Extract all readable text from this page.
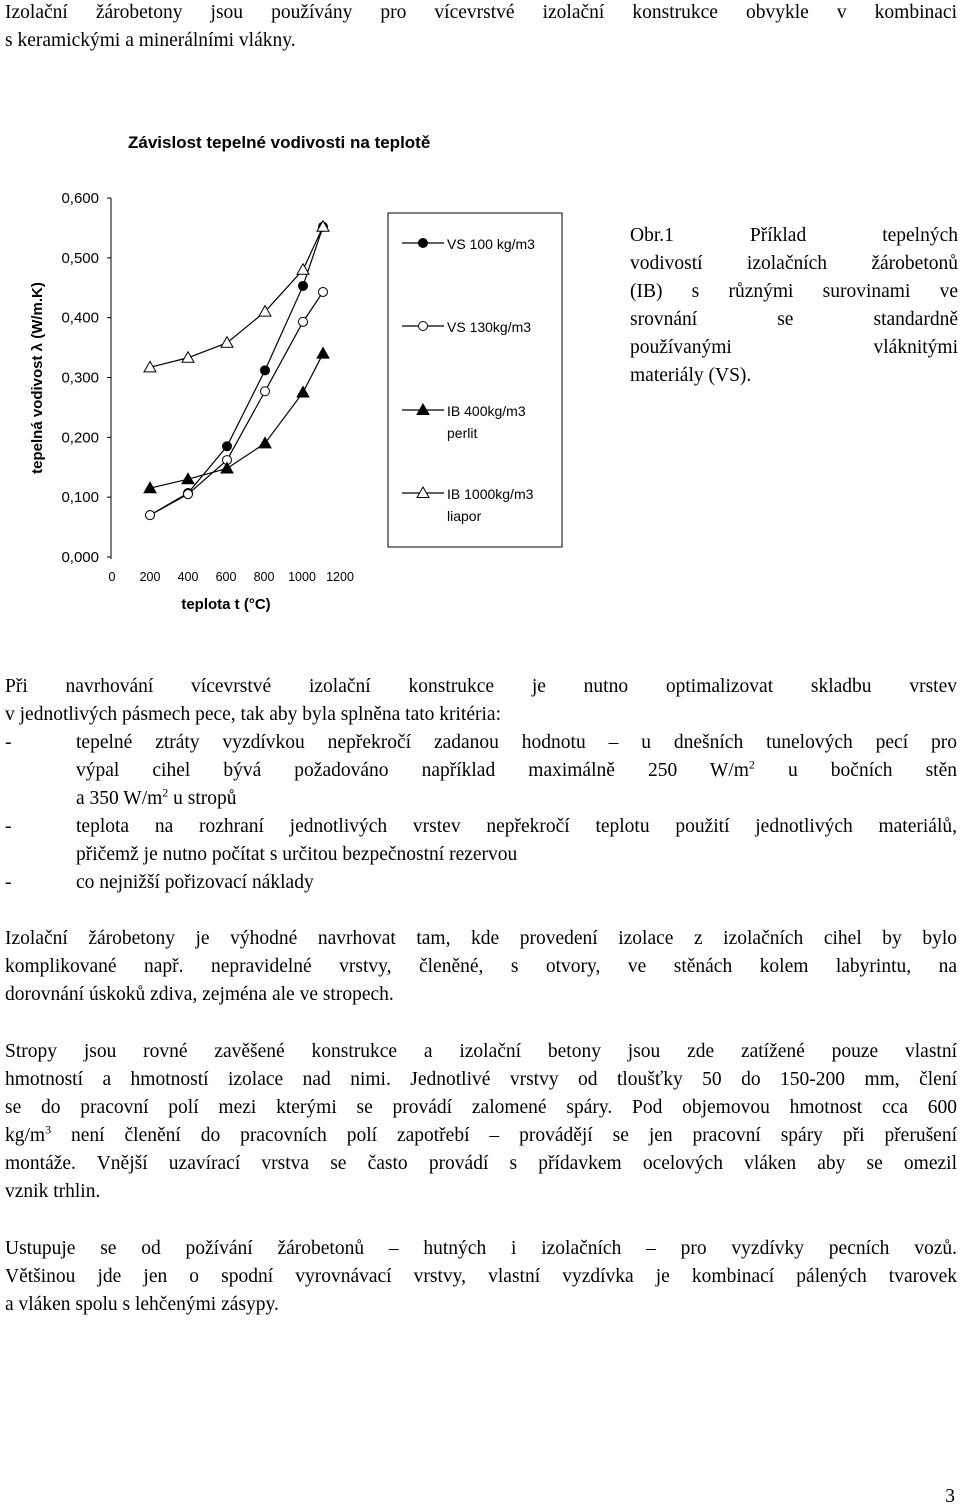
Izolační žárobetony jsou používány pro vícevrstvé izolační konstrukce obvykle v kombinaci
s keramickými a minerálními vlákny.
Závislost tepelné vodivosti na teplotě
0,000
0,100
0,200
0,300
0,400
0,500
0,600
0 200 400 600 800 1000 1200
teplota t (°C)
tepelná vodivost λ (W/m.K)
VS 100 kg/m3
VS 130kg/m3
IB 400kg/m3
perlit
IB 1000kg/m3
liapor
Obr.1 Příklad tepelných
vodivostí izolačních žárobetonů
(IB) s různými surovinami ve
srovnání se standardně
používanými vláknitými
materiály (VS).
Při navrhování vícevrstvé izolační konstrukce je nutno optimalizovat skladbu vrstev
v jednotlivých pásmech pece, tak aby byla splněna tato kritéria:
-	tepelné ztráty vyzdívkou nepřekročí zadanou hodnotu – u dnešních tunelových pecí pro
výpal cihel bývá požadováno například maximálně 250 $W/m^2$ u bočních stěn
a 350 $W/m^2$ u stropů
-	teplota na rozhraní jednotlivých vrstev nepřekročí teplotu použití jednotlivých materiálů,
přičemž je nutno počítat s určitou bezpečnostní rezervou
-	co nejnižší pořizovací náklady
Izolační žárobetony je výhodné navrhovat tam, kde provedení izolace z izolačních cihel by bylo
komplikované např. nepravidelné vrstvy, členěné, s otvory, ve stěnách kolem labyrintu, na
dorovnání úskoků zdiva, zejména ale ve stropech.
Stropy jsou rovné zavěšené konstrukce a izolační betony jsou zde zatížené pouze vlastní
hmotností a hmotností izolace nad nimi. Jednotlivé vrstvy od tloušťky 50 do 150-200 mm, člení
se do pracovní polí mezi kterými se provádí zalomené spáry. Pod objemovou hmotnost cca 600
$kg/m^3$ není členění do pracovních polí zapotřebí – provádějí se jen pracovní spáry při přerušení
montáže. Vnější uzavírací vrstva se často provádí s přídavkem ocelových vláken aby se omezil
vznik trhlin.
Ustupuje se od požívání žárobetonů – hutných i izolačních – pro vyzdívky pecních vozů.
Většinou jde jen o spodní vyrovnávací vrstvy, vlastní vyzdívka je kombinací pálených tvarovek
a vláken spolu s lehčenými zásypy.
3
